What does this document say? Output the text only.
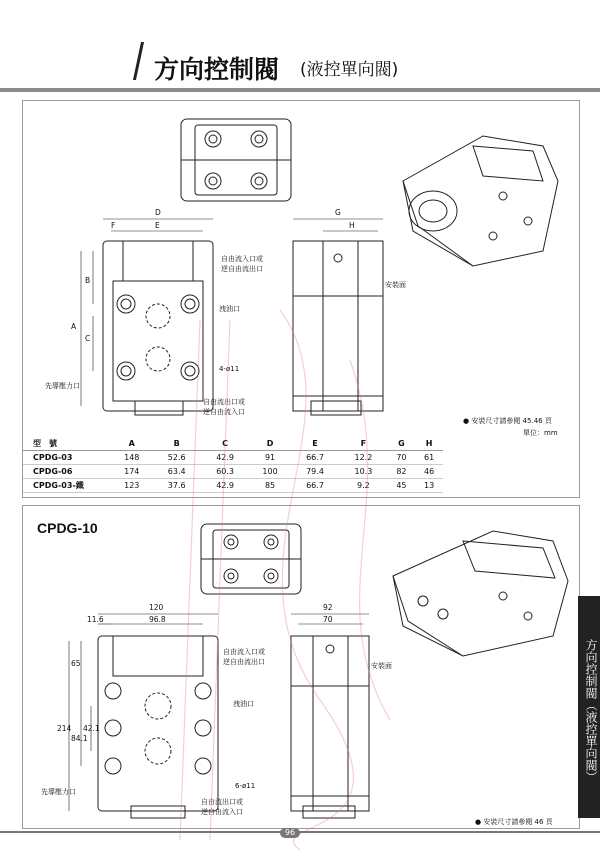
方向控制閥 (液控單向閥)
D
E
F
G
H
A
B
C
自由流入口或
逆自由流出口
洩油口
先導壓力口
4-ø11
自由流出口或
逆自由流入口
安裝面
● 安裝尺寸請參閱 45.46 頁
單位：mm
型　號	A	B	C	D	E	F	G	H
CPDG-03	148	52.6	42.9	91	66.7	12.2	70	61
CPDG-06	174	63.4	60.3	100	79.4	10.3	82	46
CPDG-03-鐵	123	37.6	42.9	85	66.7	9.2	45	13
CPDG-10
120
11.6	96.8
92
70
214
65
84.1
42.1
自由流入口或
逆自由流出口
洩油口
先導壓力口
6-ø11
自由流出口或
逆自由流入口
安裝面
● 安裝尺寸請參閱 46 頁
方向控制閥（液控單向閥）
96
